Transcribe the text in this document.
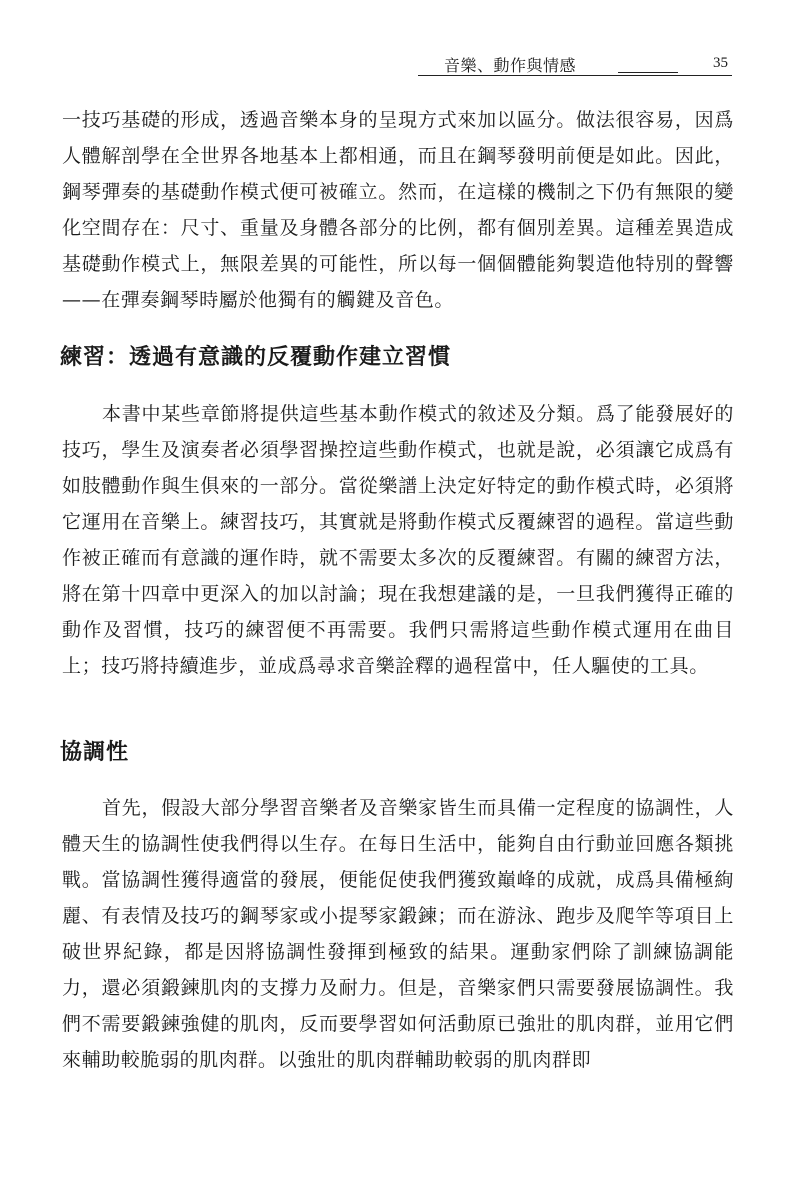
音樂、動作與情感	35

一技巧基礎的形成，透過音樂本身的呈現方式來加以區分。做法很容易，因爲人體解剖學在全世界各地基本上都相通，而且在鋼琴發明前便是如此。因此，鋼琴彈奏的基礎動作模式便可被確立。然而，在這樣的機制之下仍有無限的變化空間存在：尺寸、重量及身體各部分的比例，都有個別差異。這種差異造成基礎動作模式上，無限差異的可能性，所以每一個個體能夠製造他特別的聲響——在彈奏鋼琴時屬於他獨有的觸鍵及音色。

練習：透過有意識的反覆動作建立習慣

本書中某些章節將提供這些基本動作模式的敘述及分類。爲了能發展好的技巧，學生及演奏者必須學習操控這些動作模式，也就是說，必須讓它成爲有如肢體動作與生俱來的一部分。當從樂譜上決定好特定的動作模式時，必須將它運用在音樂上。練習技巧，其實就是將動作模式反覆練習的過程。當這些動作被正確而有意識的運作時，就不需要太多次的反覆練習。有關的練習方法，將在第十四章中更深入的加以討論；現在我想建議的是，一旦我們獲得正確的動作及習慣，技巧的練習便不再需要。我們只需將這些動作模式運用在曲目上；技巧將持續進步，並成爲尋求音樂詮釋的過程當中，任人驅使的工具。

協調性

首先，假設大部分學習音樂者及音樂家皆生而具備一定程度的協調性，人體天生的協調性使我們得以生存。在每日生活中，能夠自由行動並回應各類挑戰。當協調性獲得適當的發展，便能促使我們獲致巔峰的成就，成爲具備極絢麗、有表情及技巧的鋼琴家或小提琴家鍛鍊；而在游泳、跑步及爬竿等項目上破世界紀錄，都是因將協調性發揮到極致的結果。運動家們除了訓練協調能力，還必須鍛鍊肌肉的支撐力及耐力。但是，音樂家們只需要發展協調性。我們不需要鍛鍊強健的肌肉，反而要學習如何活動原已強壯的肌肉群，並用它們來輔助較脆弱的肌肉群。以強壯的肌肉群輔助較弱的肌肉群即
